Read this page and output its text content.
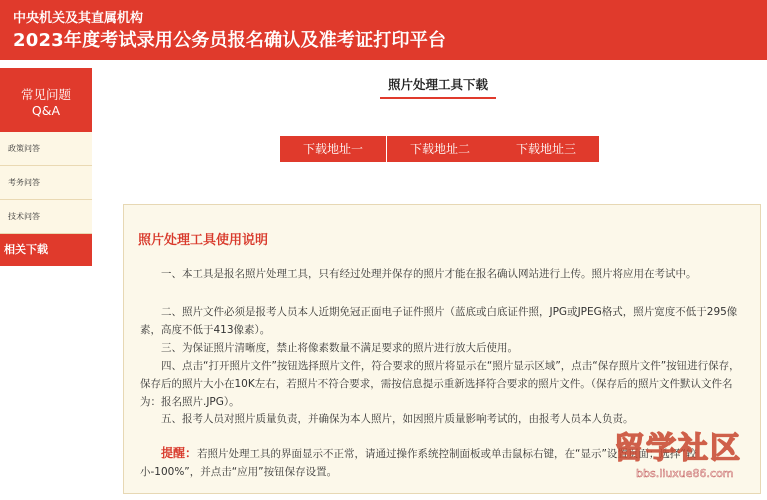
中央机关及其直属机构
2023年度考试录用公务员报名确认及准考证打印平台
常见问题
Q&A
政策问答
考务问答
技术问答
相关下载
照片处理工具下载
下载地址一	下载地址二	下载地址三
照片处理工具使用说明
一、本工具是报名照片处理工具，只有经过处理并保存的照片才能在报名确认网站进行上传。照片将应用在考试中。
二、照片文件必须是报考人员本人近期免冠正面电子证件照片（蓝底或白底证件照，JPG或JPEG格式，照片宽度不低于295像素，高度不低于413像素）。
三、为保证照片清晰度，禁止将像素数量不满足要求的照片进行放大后使用。
四、点击“打开照片文件”按钮选择照片文件，符合要求的照片将显示在“照片显示区域”，点击“保存照片文件”按钮进行保存，保存后的照片大小在10K左右，若照片不符合要求，需按信息提示重新选择符合要求的照片文件。（保存后的照片文件默认文件名为：报名照片.JPG）。
五、报考人员对照片质量负责，并确保为本人照片，如因照片质量影响考试的，由报考人员本人负责。
提醒：若照片处理工具的界面显示不正常，请通过操作系统控制面板或单击鼠标右键，在“显示”设置页面；选择“较小-100%”，并点击“应用”按钮保存设置。
留学社区
bbs.liuxue86.com
